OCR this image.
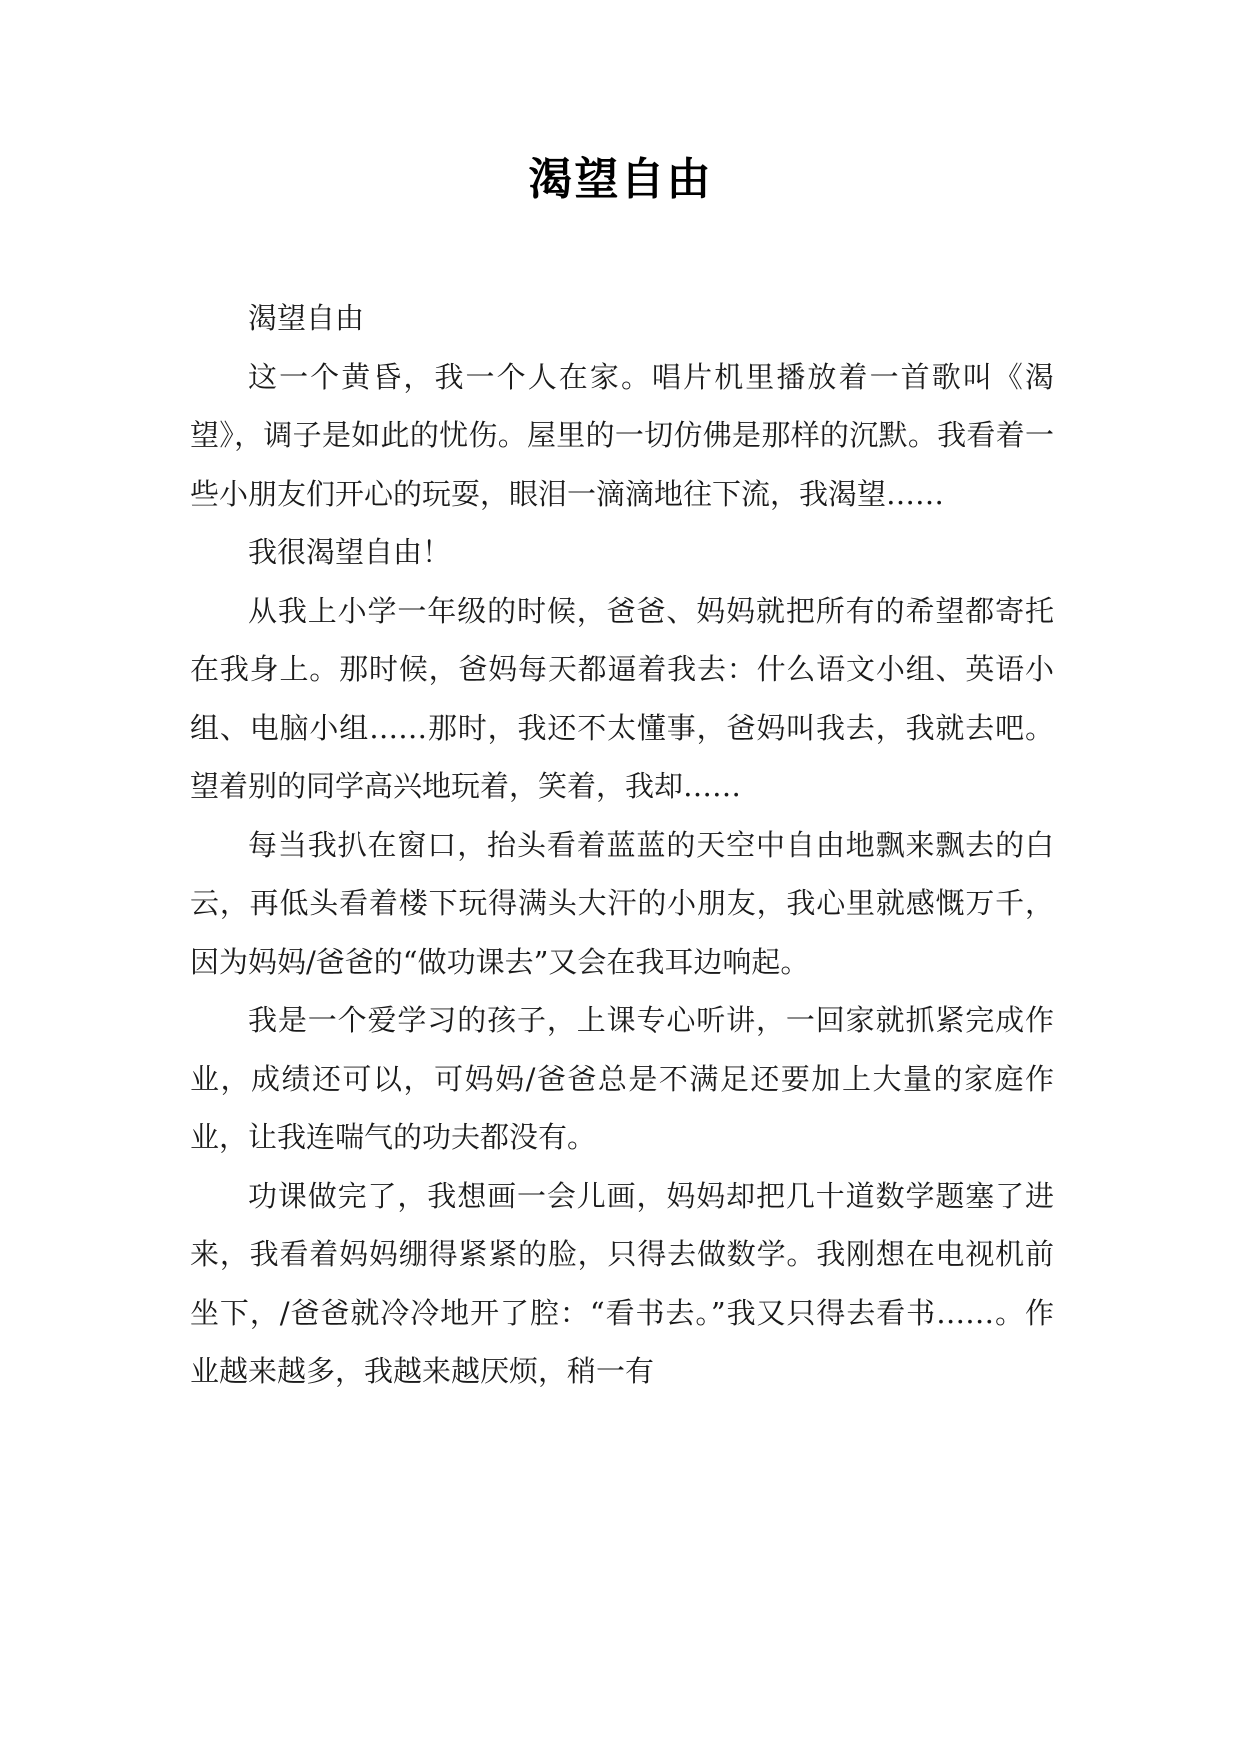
渴望自由

渴望自由

这一个黄昏，我一个人在家。唱片机里播放着一首歌叫《渴望》，调子是如此的忧伤。屋里的一切仿佛是那样的沉默。我看着一些小朋友们开心的玩耍，眼泪一滴滴地往下流，我渴望……

我很渴望自由！

从我上小学一年级的时候，爸爸、妈妈就把所有的希望都寄托在我身上。那时候，爸妈每天都逼着我去：什么语文小组、英语小组、电脑小组……那时，我还不太懂事，爸妈叫我去，我就去吧。望着别的同学高兴地玩着，笑着，我却……

每当我扒在窗口，抬头看着蓝蓝的天空中自由地飘来飘去的白云，再低头看着楼下玩得满头大汗的小朋友，我心里就感慨万千，因为妈妈/爸爸的“做功课去”又会在我耳边响起。

我是一个爱学习的孩子，上课专心听讲，一回家就抓紧完成作业，成绩还可以，可妈妈/爸爸总是不满足还要加上大量的家庭作业，让我连喘气的功夫都没有。

功课做完了，我想画一会儿画，妈妈却把几十道数学题塞了进来，我看着妈妈绷得紧紧的脸，只得去做数学。我刚想在电视机前坐下，/爸爸就冷冷地开了腔：“看书去。”我又只得去看书……。作业越来越多，我越来越厌烦，稍一有
